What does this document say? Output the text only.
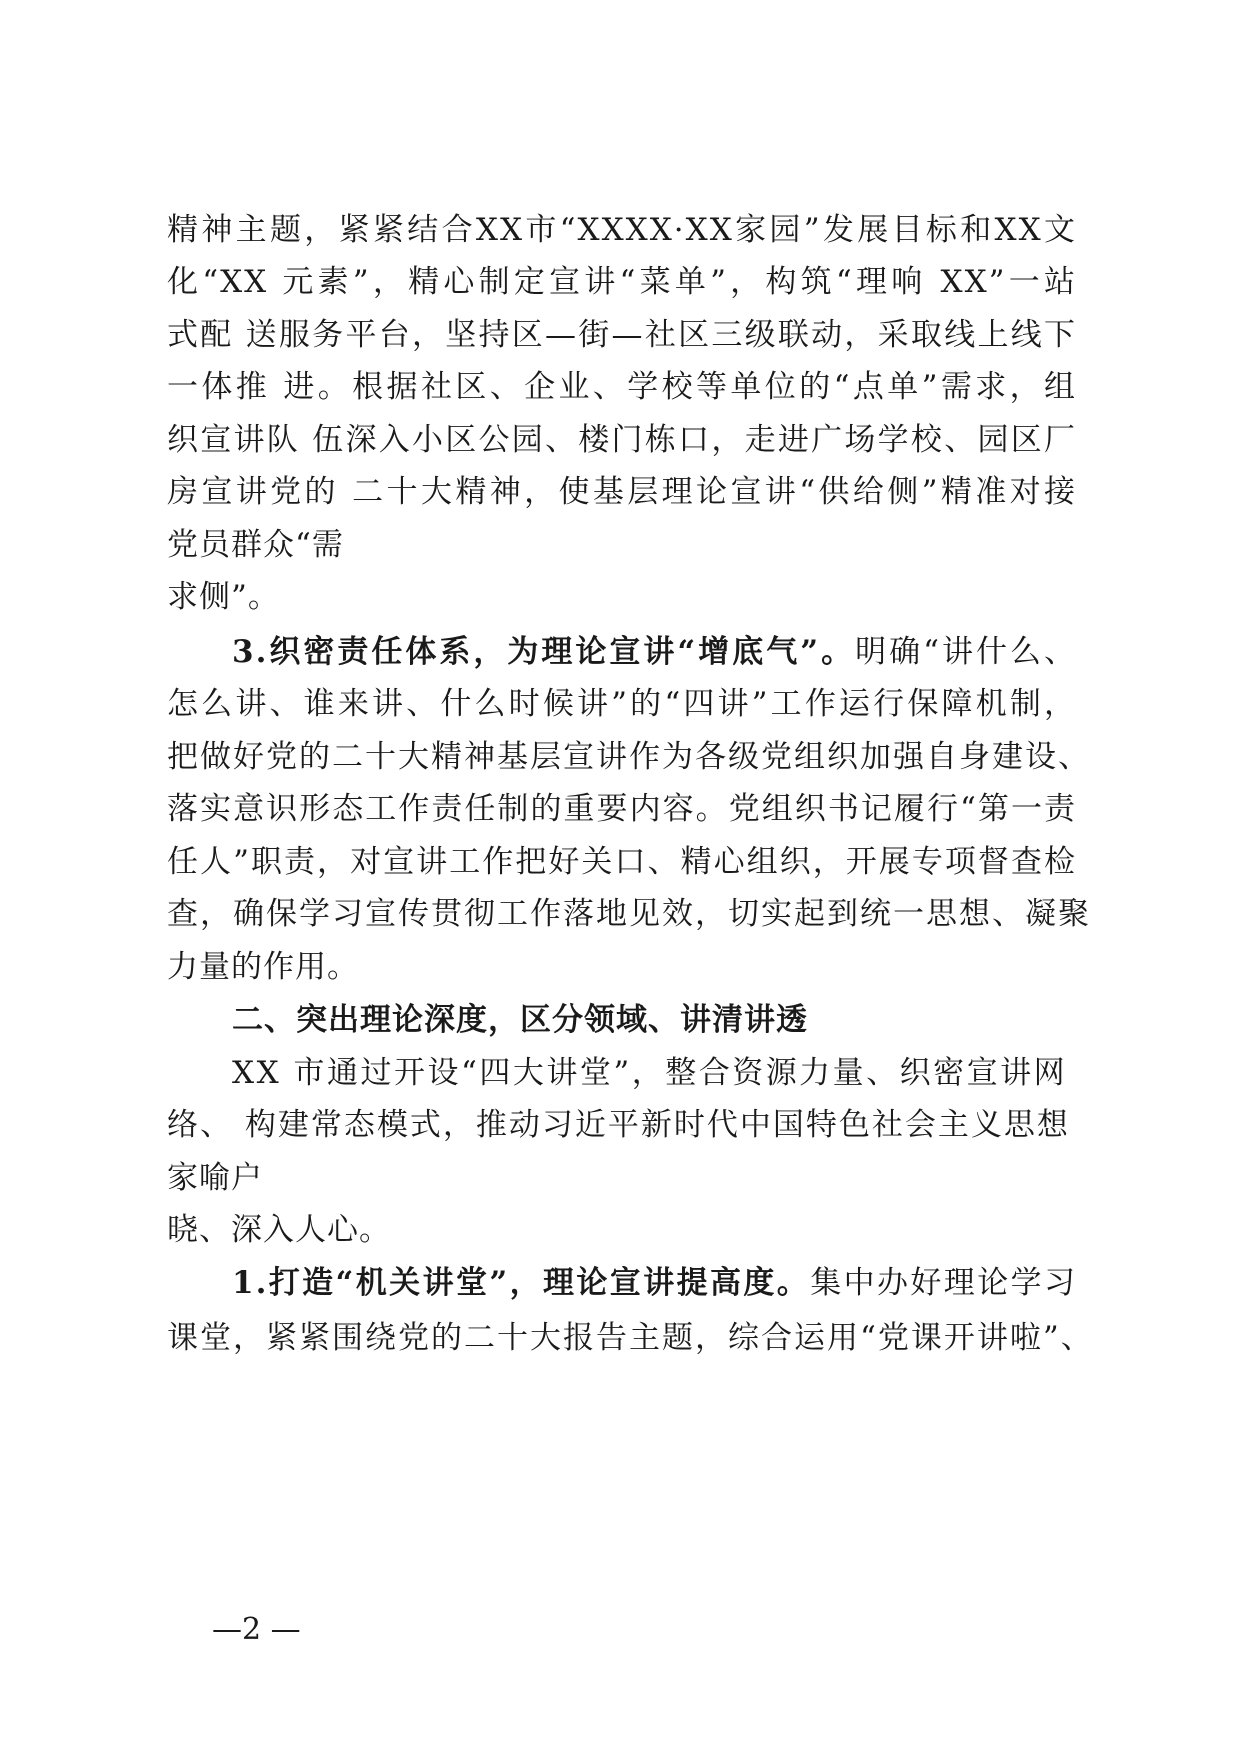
精神主题，紧紧结合XX市“XXXX·XX家园”发展目标和XX文

化“XX 元素”，精心制定宣讲“菜单”，构筑“理响 XX”一站

式配 送服务平台，坚持区—街—社区三级联动，采取线上线下

一体推 进。根据社区、企业、学校等单位的“点单”需求，组

织宣讲队 伍深入小区公园、楼门栋口，走进广场学校、园区厂

房宣讲党的 二十大精神，使基层理论宣讲“供给侧”精准对接

党员群众“需

求侧”。

3.织密责任体系，为理论宣讲“增底气”。明确“讲什么、

怎么讲、谁来讲、什么时候讲”的“四讲”工作运行保障机制，

把做好党的二十大精神基层宣讲作为各级党组织加强自身建设、

落实意识形态工作责任制的重要内容。党组织书记履行“第一责

任人”职责，对宣讲工作把好关口、精心组织，开展专项督查检

查，确保学习宣传贯彻工作落地见效，切实起到统一思想、凝聚

力量的作用。

二、突出理论深度，区分领域、讲清讲透

XX 市通过开设“四大讲堂”，整合资源力量、织密宣讲网

络、 构建常态模式，推动习近平新时代中国特色社会主义思想

家喻户

晓、深入人心。

1.打造“机关讲堂”，理论宣讲提高度。集中办好理论学习

课堂，紧紧围绕党的二十大报告主题，综合运用“党课开讲啦”、

—2 —
